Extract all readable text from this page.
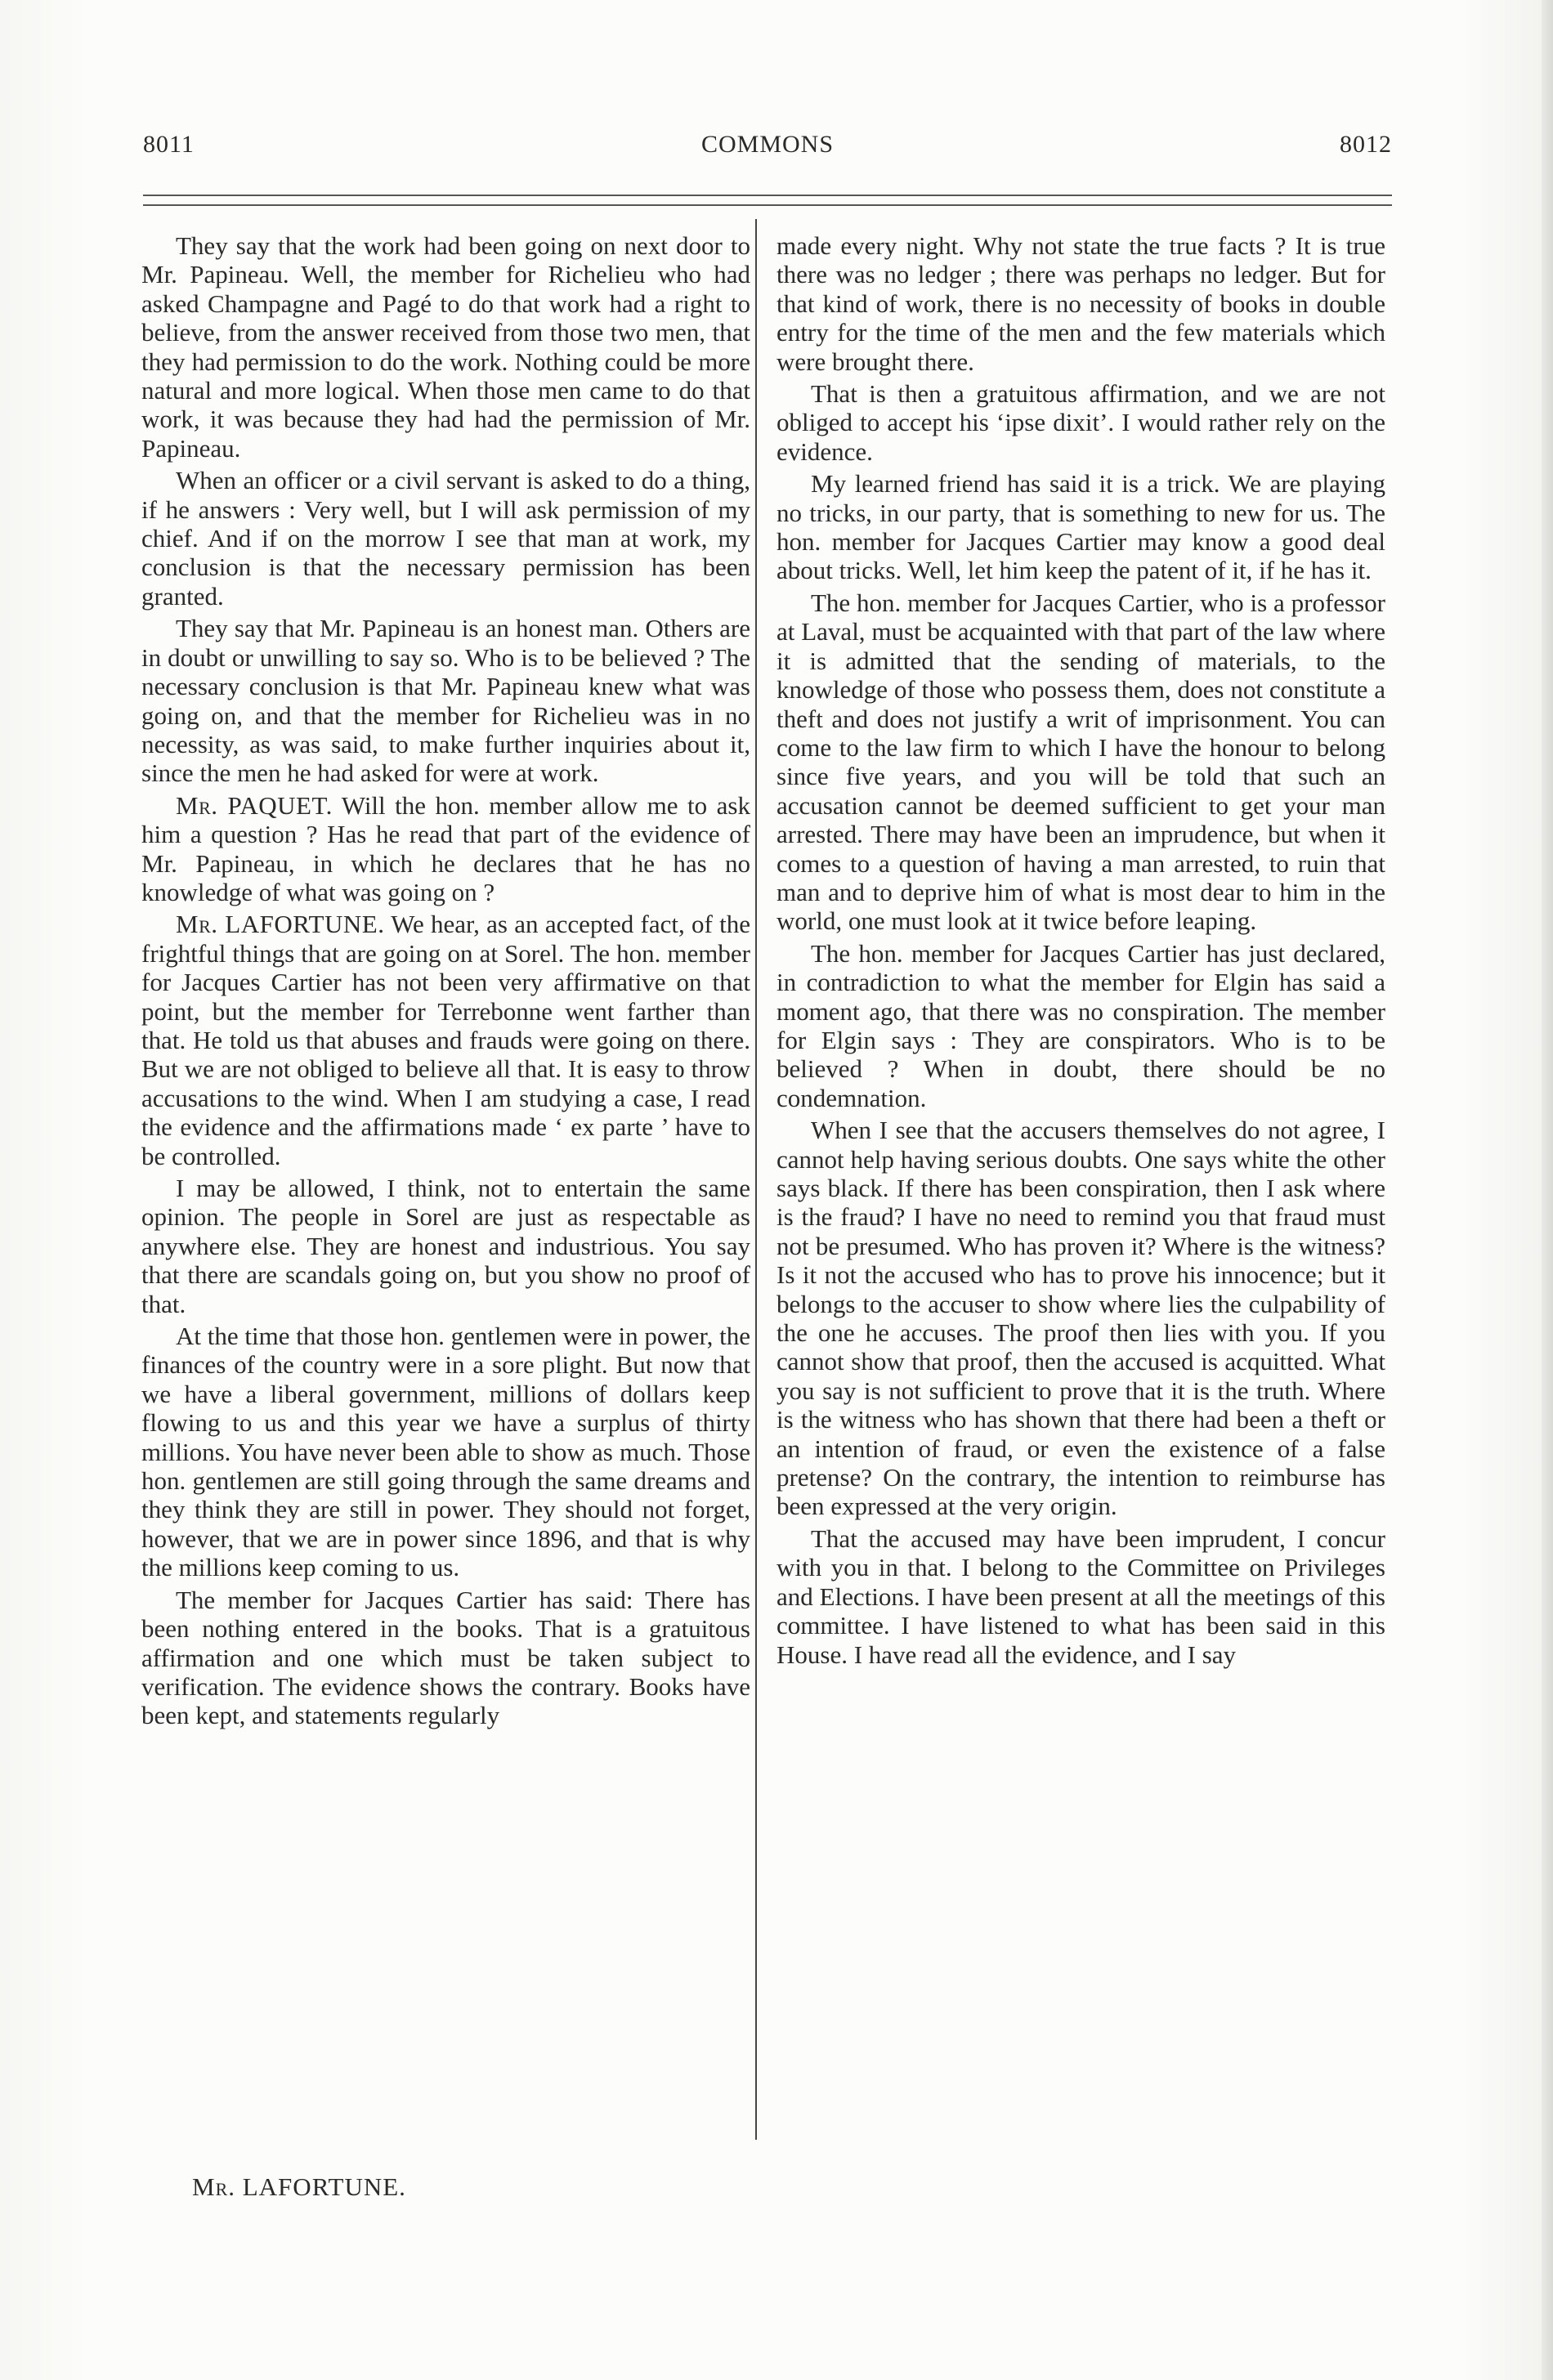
8011	COMMONS	8012

They say that the work had been going on next door to Mr. Papineau. Well, the member for Richelieu who had asked Champagne and Pagé to do that work had a right to believe, from the answer received from those two men, that they had permission to do the work. Nothing could be more natural and more logical. When those men came to do that work, it was because they had had the permission of Mr. Papineau.

When an officer or a civil servant is asked to do a thing, if he answers : Very well, but I will ask permission of my chief. And if on the morrow I see that man at work, my conclusion is that the necessary permission has been granted.

They say that Mr. Papineau is an honest man. Others are in doubt or unwilling to say so. Who is to be believed ? The necessary conclusion is that Mr. Papineau knew what was going on, and that the member for Richelieu was in no necessity, as was said, to make further inquiries about it, since the men he had asked for were at work.

Mr. PAQUET. Will the hon. member allow me to ask him a question ? Has he read that part of the evidence of Mr. Papineau, in which he declares that he has no knowledge of what was going on ?

Mr. LAFORTUNE. We hear, as an accepted fact, of the frightful things that are going on at Sorel. The hon. member for Jacques Cartier has not been very affirmative on that point, but the member for Terrebonne went farther than that. He told us that abuses and frauds were going on there. But we are not obliged to believe all that. It is easy to throw accusations to the wind. When I am studying a case, I read the evidence and the affirmations made ‘ ex parte ’ have to be controlled.

I may be allowed, I think, not to entertain the same opinion. The people in Sorel are just as respectable as anywhere else. They are honest and industrious. You say that there are scandals going on, but you show no proof of that.

At the time that those hon. gentlemen were in power, the finances of the country were in a sore plight. But now that we have a liberal government, millions of dollars keep flowing to us and this year we have a surplus of thirty millions. You have never been able to show as much. Those hon. gentlemen are still going through the same dreams and they think they are still in power. They should not forget, however, that we are in power since 1896, and that is why the millions keep coming to us.

The member for Jacques Cartier has said: There has been nothing entered in the books. That is a gratuitous affirmation and one which must be taken subject to verification. The evidence shows the contrary. Books have been kept, and statements regularly

made every night. Why not state the true facts ? It is true there was no ledger ; there was perhaps no ledger. But for that kind of work, there is no necessity of books in double entry for the time of the men and the few materials which were brought there.

That is then a gratuitous affirmation, and we are not obliged to accept his ‘ipse dixit’. I would rather rely on the evidence.

My learned friend has said it is a trick. We are playing no tricks, in our party, that is something to new for us. The hon. member for Jacques Cartier may know a good deal about tricks. Well, let him keep the patent of it, if he has it.

The hon. member for Jacques Cartier, who is a professor at Laval, must be acquainted with that part of the law where it is admitted that the sending of materials, to the knowledge of those who possess them, does not constitute a theft and does not justify a writ of imprisonment. You can come to the law firm to which I have the honour to belong since five years, and you will be told that such an accusation cannot be deemed sufficient to get your man arrested. There may have been an imprudence, but when it comes to a question of having a man arrested, to ruin that man and to deprive him of what is most dear to him in the world, one must look at it twice before leaping.

The hon. member for Jacques Cartier has just declared, in contradiction to what the member for Elgin has said a moment ago, that there was no conspiration. The member for Elgin says : They are conspirators. Who is to be believed ? When in doubt, there should be no condemnation.

When I see that the accusers themselves do not agree, I cannot help having serious doubts. One says white the other says black. If there has been conspiration, then I ask where is the fraud? I have no need to remind you that fraud must not be presumed. Who has proven it? Where is the witness? Is it not the accused who has to prove his innocence; but it belongs to the accuser to show where lies the culpability of the one he accuses. The proof then lies with you. If you cannot show that proof, then the accused is acquitted. What you say is not sufficient to prove that it is the truth. Where is the witness who has shown that there had been a theft or an intention of fraud, or even the existence of a false pretense? On the contrary, the intention to reimburse has been expressed at the very origin.

That the accused may have been imprudent, I concur with you in that. I belong to the Committee on Privileges and Elections. I have been present at all the meetings of this committee. I have listened to what has been said in this House. I have read all the evidence, and I say

Mr. LAFORTUNE.
